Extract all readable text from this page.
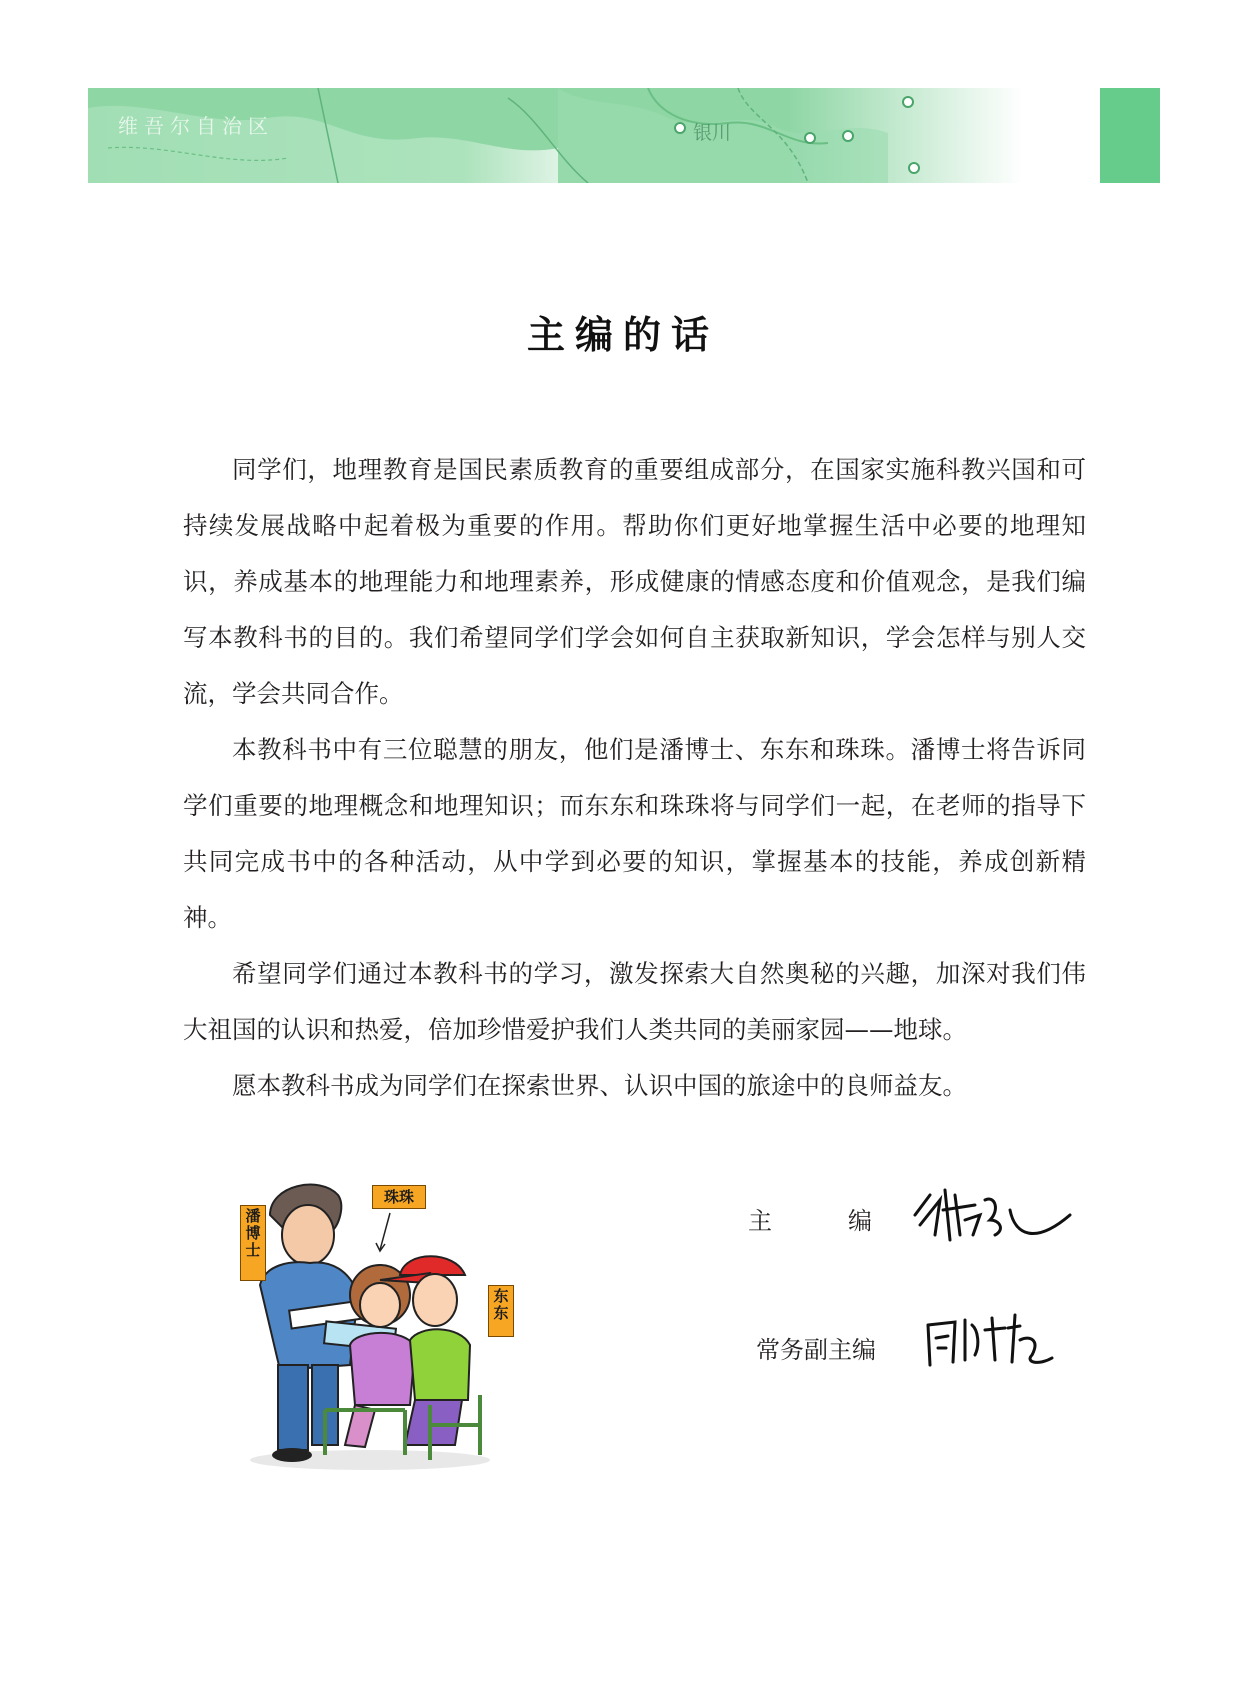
维吾尔自治区	银川
主编的话

同学们，地理教育是国民素质教育的重要组成部分，在国家实施科教兴国和可持续发展战略中起着极为重要的作用。帮助你们更好地掌握生活中必要的地理知识，养成基本的地理能力和地理素养，形成健康的情感态度和价值观念，是我们编写本教科书的目的。我们希望同学们学会如何自主获取新知识，学会怎样与别人交流，学会共同合作。

本教科书中有三位聪慧的朋友，他们是潘博士、东东和珠珠。潘博士将告诉同学们重要的地理概念和地理知识；而东东和珠珠将与同学们一起，在老师的指导下共同完成书中的各种活动，从中学到必要的知识，掌握基本的技能，养成创新精神。

希望同学们通过本教科书的学习，激发探索大自然奥秘的兴趣，加深对我们伟大祖国的认识和热爱，倍加珍惜爱护我们人类共同的美丽家园——地球。

愿本教科书成为同学们在探索世界、认识中国的旅途中的良师益友。

珠珠
潘博士
东东
主	编
常务副主编
